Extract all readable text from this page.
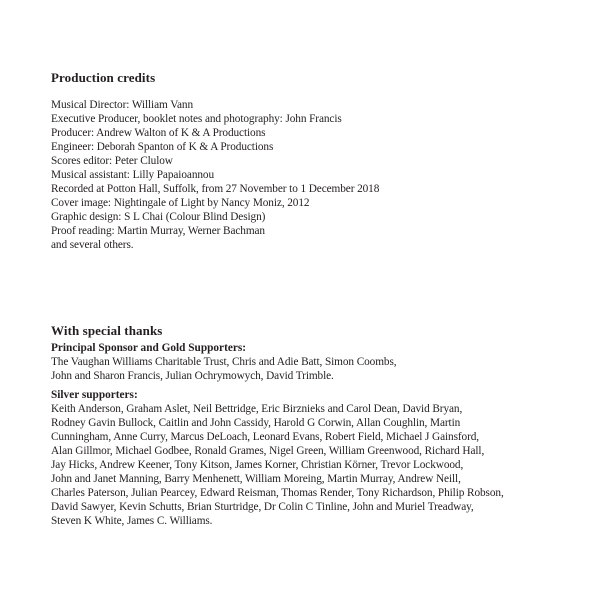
Production credits
Musical Director: William Vann
Executive Producer, booklet notes and photography: John Francis
Producer: Andrew Walton of K & A Productions
Engineer: Deborah Spanton of K & A Productions
Scores editor: Peter Clulow
Musical assistant: Lilly Papaioannou
Recorded at Potton Hall, Suffolk, from 27 November to 1 December 2018
Cover image: Nightingale of Light by Nancy Moniz, 2012
Graphic design: S L Chai (Colour Blind Design)
Proof reading: Martin Murray, Werner Bachman
and several others.
With special thanks
Principal Sponsor and Gold Supporters:
The Vaughan Williams Charitable Trust, Chris and Adie Batt, Simon Coombs,
John and Sharon Francis, Julian Ochrymowych, David Trimble.
Silver supporters:
Keith Anderson, Graham Aslet, Neil Bettridge, Eric Birznieks and Carol Dean, David Bryan,
Rodney Gavin Bullock, Caitlin and John Cassidy, Harold G Corwin, Allan Coughlin, Martin
Cunningham, Anne Curry, Marcus DeLoach, Leonard Evans, Robert Field, Michael J Gainsford,
Alan Gillmor, Michael Godbee, Ronald Grames, Nigel Green, William Greenwood, Richard Hall,
Jay Hicks, Andrew Keener, Tony Kitson, James Korner, Christian Körner, Trevor Lockwood,
John and Janet Manning, Barry Menhenett, William Moreing, Martin Murray, Andrew Neill,
Charles Paterson, Julian Pearcey, Edward Reisman, Thomas Render, Tony Richardson, Philip Robson,
David Sawyer, Kevin Schutts, Brian Sturtridge, Dr Colin C Tinline, John and Muriel Treadway,
Steven K White, James C. Williams.
